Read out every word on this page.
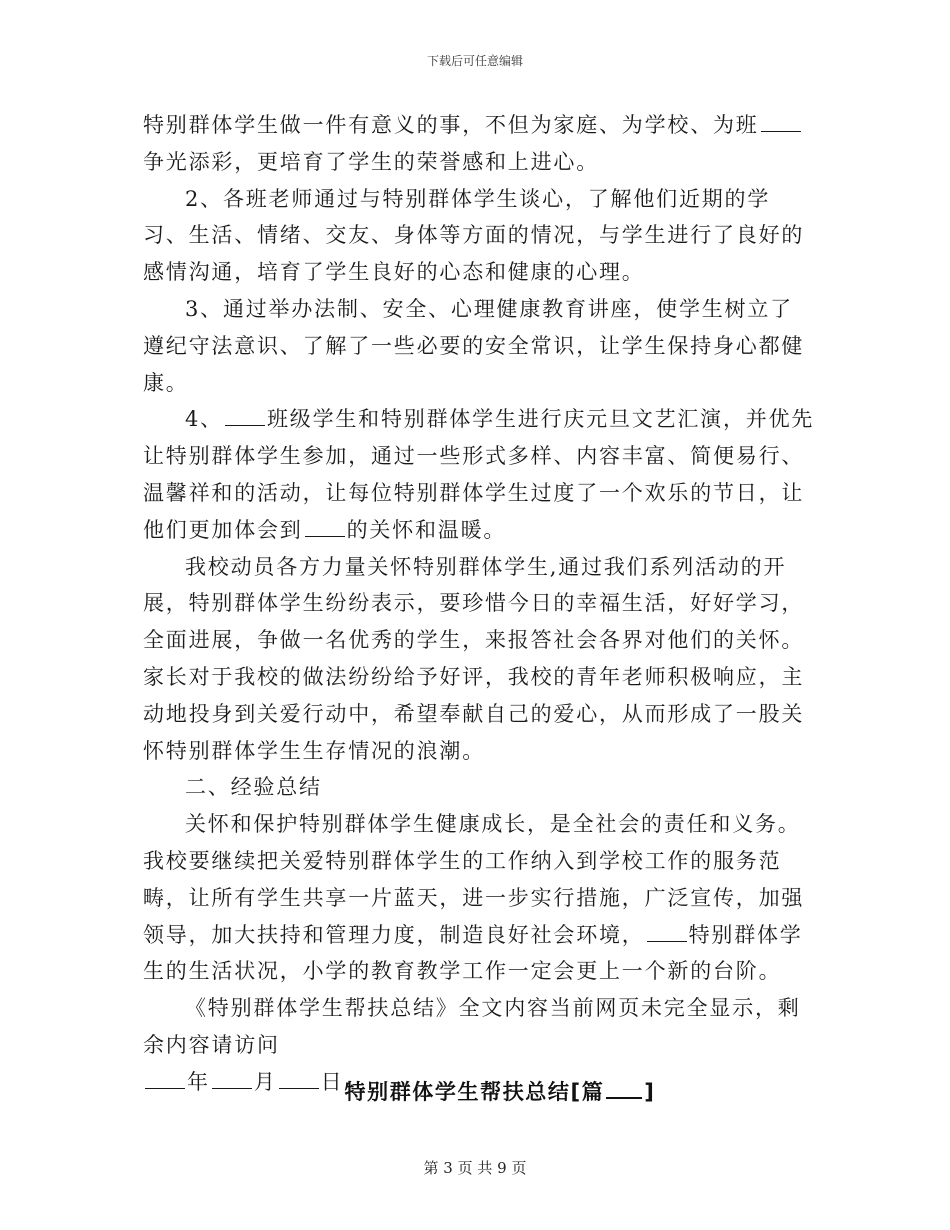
下载后可任意编辑

特别群体学生做一件有意义的事，不但为家庭、为学校、为班争光添彩，更培育了学生的荣誉感和上进心。

2、各班老师通过与特别群体学生谈心，了解他们近期的学习、生活、情绪、交友、身体等方面的情况，与学生进行了良好的感情沟通，培育了学生良好的心态和健康的心理。

3、通过举办法制、安全、心理健康教育讲座，使学生树立了遵纪守法意识、了解了一些必要的安全常识，让学生保持身心都健康。

4、 班级学生和特别群体学生进行庆元旦文艺汇演，并优先让特别群体学生参加，通过一些形式多样、内容丰富、简便易行、温馨祥和的活动，让每位特别群体学生过度了一个欢乐的节日，让他们更加体会到 的关怀和温暖。

我校动员各方力量关怀特别群体学生,通过我们系列活动的开展，特别群体学生纷纷表示，要珍惜今日的幸福生活，好好学习，全面进展，争做一名优秀的学生，来报答社会各界对他们的关怀。家长对于我校的做法纷纷给予好评，我校的青年老师积极响应，主动地投身到关爱行动中，希望奉献自己的爱心，从而形成了一股关怀特别群体学生生存情况的浪潮。

二、经验总结

关怀和保护特别群体学生健康成长，是全社会的责任和义务。我校要继续把关爱特别群体学生的工作纳入到学校工作的服务范畴，让所有学生共享一片蓝天，进一步实行措施，广泛宣传，加强领导，加大扶持和管理力度，制造良好社会环境， 特别群体学生的生活状况，小学的教育教学工作一定会更上一个新的台阶。

《特别群体学生帮扶总结》全文内容当前网页未完全显示，剩余内容请访问

年 月 日 特别群体学生帮扶总结[篇 ]
第 3 页 共 9 页
